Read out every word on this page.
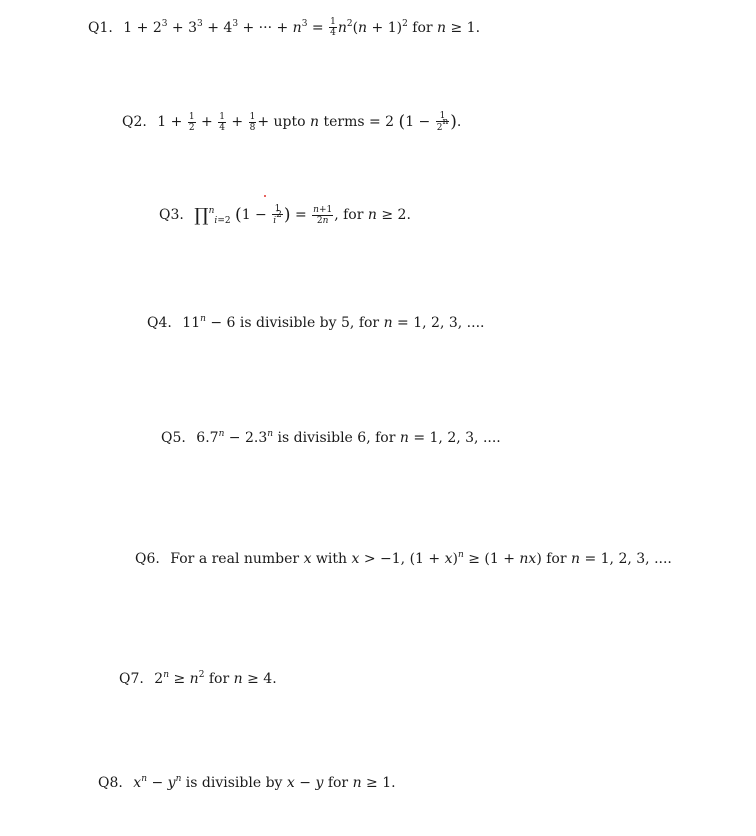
Q1. $1 + 2^3 + 3^3 + 4^3$ + ··· + $n^3 = \frac{1}{4} n^2(n + 1)^2$ for n ≥ 1.
Q2. $1 + \frac{1}{2} + \frac{1}{4} + \frac{1}{8}$ + upto n terms = 2 ($1 - \frac{1}{2^n}$ ).
Q3. ∏$^n_{i=2}$ ($1 - \frac{1}{i^2}$ ) = $\frac{n+1}{2n}$ , for n ≥ 2.
Q4. $11^n - 6$ is divisible by 5, for n = 1, 2, 3, ....
Q5. $6.7^n - 2.3^n$ is divisible 6, for n = 1, 2, 3, ....
Q6. For a real number x with x > −1, $(1 + x)^n \ge (1 + nx)$ for n = 1, 2, 3, ....
Q7. $2^n \ge n^2$ for n ≥ 4.
Q8. $x^n - y^n$ is divisible by x − y for n ≥ 1.
